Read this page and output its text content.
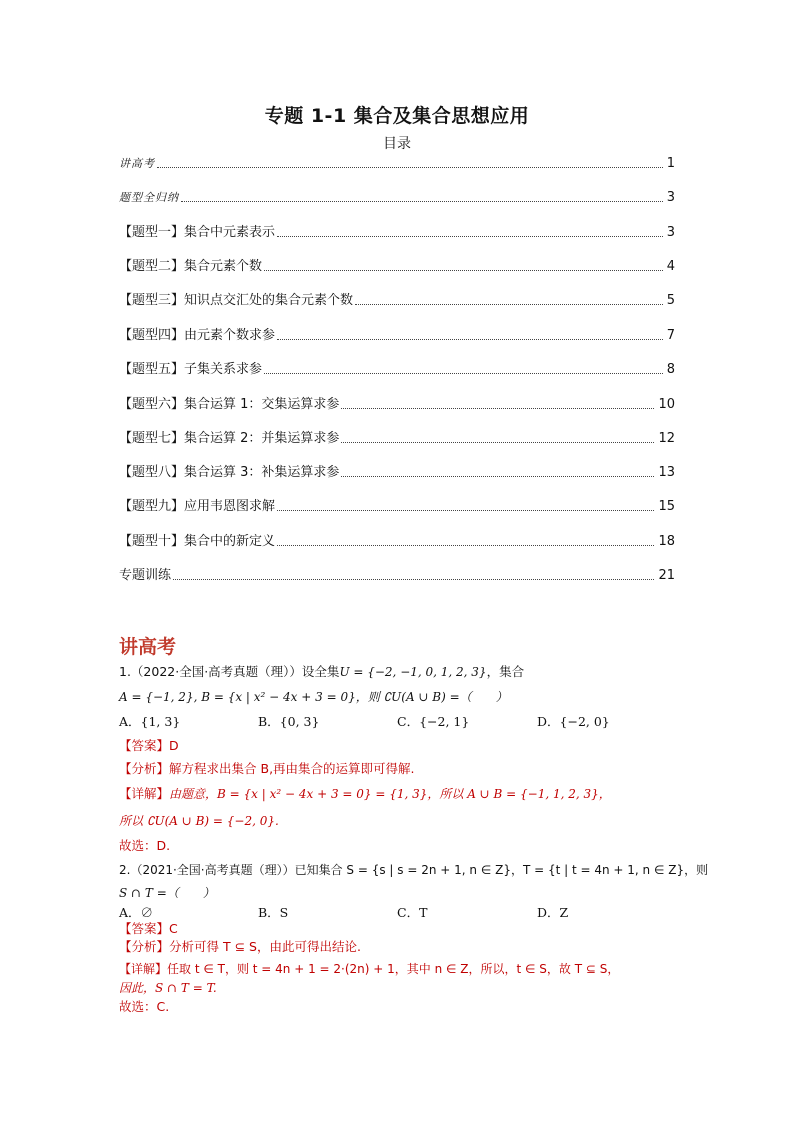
专题 1-1 集合及集合思想应用
目录
讲高考	1
题型全归纳	3
【题型一】集合中元素表示	3
【题型二】集合元素个数	4
【题型三】知识点交汇处的集合元素个数	5
【题型四】由元素个数求参	7
【题型五】子集关系求参	8
【题型六】集合运算 1：交集运算求参	10
【题型七】集合运算 2：并集运算求参	12
【题型八】集合运算 3：补集运算求参	13
【题型九】应用韦恩图求解	15
【题型十】集合中的新定义	18
专题训练	21
讲高考
1.（2022·全国·高考真题（理））设全集U = {−2, −1, 0, 1, 2, 3}，集合
A = {−1, 2}, B = {x | x² − 4x + 3 = 0}，则 ∁U(A ∪ B) =（　　）
A．{1, 3}	B．{0, 3}	C．{−2, 1}	D．{−2, 0}
【答案】D
【分析】解方程求出集合 B,再由集合的运算即可得解.
【详解】由题意，B = {x | x² − 4x + 3 = 0} = {1, 3}，所以 A ∪ B = {−1, 1, 2, 3}，
所以 ∁U(A ∪ B) = {−2, 0}.
故选：D.
2.（2021·全国·高考真题（理））已知集合 S = {s | s = 2n + 1, n ∈ Z}，T = {t | t = 4n + 1, n ∈ Z}，则
S ∩ T =（　　）
A．∅	B．S	C．T	D．Z
【答案】C
【分析】分析可得 T ⊆ S，由此可得出结论.
【详解】任取 t ∈ T，则 t = 4n + 1 = 2·(2n) + 1，其中 n ∈ Z，所以，t ∈ S，故 T ⊆ S，
因此，S ∩ T = T.
故选：C.
